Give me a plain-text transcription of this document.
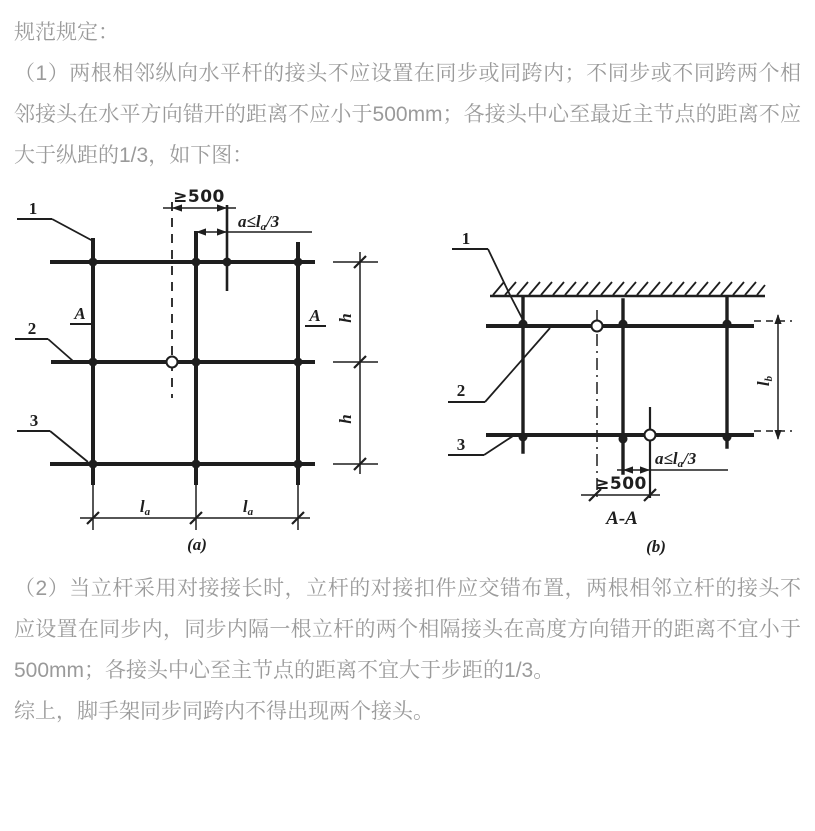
规范规定：

（1）两根相邻纵向水平杆的接头不应设置在同步或同跨内；不同步或不同跨两个相邻接头在水平方向错开的距离不应小于500mm；各接头中心至最近主节点的距离不应大于纵距的1/3，如下图：

1
2
3
A	A
≥500
a≤la/3
h
h
la	la
(a)
lb
a≤la/3
≥500
1
2
3
A-A
(b)

（2）当立杆采用对接接长时，立杆的对接扣件应交错布置，两根相邻立杆的接头不应设置在同步内，同步内隔一根立杆的两个相隔接头在高度方向错开的距离不宜小于500mm；各接头中心至主节点的距离不宜大于步距的1/3。

综上，脚手架同步同跨内不得出现两个接头。
